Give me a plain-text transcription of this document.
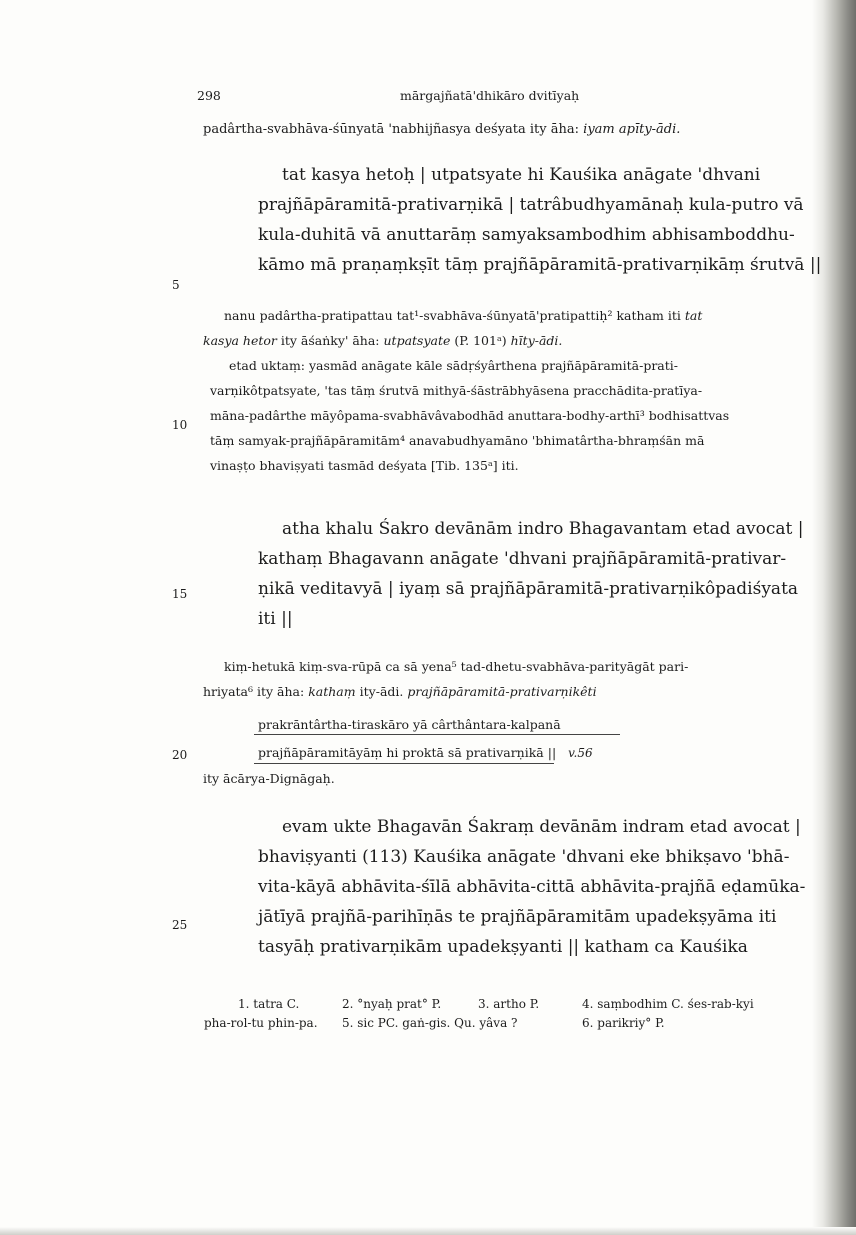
298	mārgajñatā'dhikāro dvitīyaḥ
padârtha-svabhāva-śūnyatā 'nabhijñasya deśyata ity āha: iyam apīty-ādi.
tat kasya hetoḥ | utpatsyate hi Kauśika anāgate 'dhvani
prajñāpāramitā-prativarṇikā | tatrâbudhyamānaḥ kula-putro vā
kula-duhitā vā anuttarāṃ samyaksambodhim abhisamboddhu-
kāmo mā praṇaṃkṣīt tāṃ prajñāpāramitā-prativarṇikāṃ śrutvā ||
nanu padârtha-pratipattau tat¹-svabhāva-śūnyatā'pratipattiḥ² katham iti tat
kasya hetor ity āśaṅky' āha: utpatsyate (P. 101ᵃ) hīty-ādi.
etad uktaṃ: yasmād anāgate kāle sādṛśyârthena prajñāpāramitā-prati-
varṇikôtpatsyate, 'tas tāṃ śrutvā mithyā-śāstrābhyāsena pracchādita-pratīya-
māna-padârthe māyôpama-svabhāvâvabodhād anuttara-bodhy-arthī³ bodhisattvas
tāṃ samyak-prajñāpāramitām⁴ anavabudhyamāno 'bhimatârtha-bhraṃśān mā
vinaṣṭo bhaviṣyati tasmād deśyata [Tib. 135ᵃ] iti.
atha khalu Śakro devānām indro Bhagavantam etad avocat |
kathaṃ Bhagavann anāgate 'dhvani prajñāpāramitā-prativar-
ṇikā veditavyā | iyaṃ sā prajñāpāramitā-prativarṇikôpadiśyata
iti ||
kiṃ-hetukā kiṃ-sva-rūpā ca sā yena⁵ tad-dhetu-svabhāva-parityāgāt pari-
hriyata⁶ ity āha: kathaṃ ity-ādi. prajñāpāramitā-prativarṇikêti
prakrāntârtha-tiraskāro yā cârthântara-kalpanā
prajñāpāramitāyāṃ hi proktā sā prativarṇikā || v.56
ity ācārya-Dignāgaḥ.
evam ukte Bhagavān Śakraṃ devānām indram etad avocat |
bhaviṣyanti (113) Kauśika anāgate 'dhvani eke bhikṣavo 'bhā-
vita-kāyā abhāvita-śīlā abhāvita-cittā abhāvita-prajñā eḍamūka-
jātīyā prajñā-parihīṇās te prajñāpāramitām upadekṣyāma iti
tasyāḥ prativarṇikām upadekṣyanti || katham ca Kauśika
5
10
15
20
25
1. tatra C.	2. °nyaḥ prat° P.	3. artho P.	4. saṃbodhim C. śes-rab-kyi
pha-rol-tu phin-pa. 5. sic PC. gaṅ-gis. Qu. yâva ?	6. parikriy° P.
